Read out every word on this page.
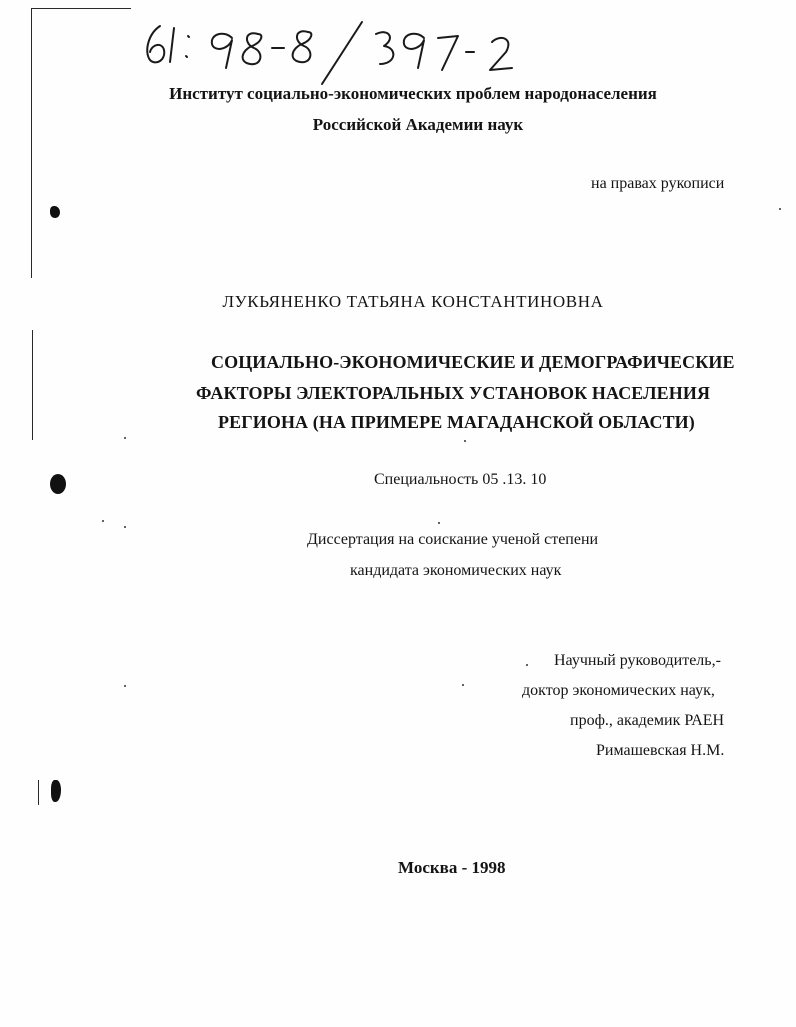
Институт социально-экономических проблем народонаселения
Российской Академии наук
на правах рукописи
ЛУКЬЯНЕНКО ТАТЬЯНА КОНСТАНТИНОВНА
СОЦИАЛЬНО-ЭКОНОМИЧЕСКИЕ И ДЕМОГРАФИЧЕСКИЕ
ФАКТОРЫ ЭЛЕКТОРАЛЬНЫХ УСТАНОВОК НАСЕЛЕНИЯ
РЕГИОНА (НА ПРИМЕРЕ МАГАДАНСКОЙ ОБЛАСТИ)
Специальность 05 .13. 10
Диссертация на соискание ученой степени
кандидата экономических наук
Научный руководитель,-
доктор экономических наук,
проф., академик РАЕН
Римашевская Н.М.
Москва - 1998
